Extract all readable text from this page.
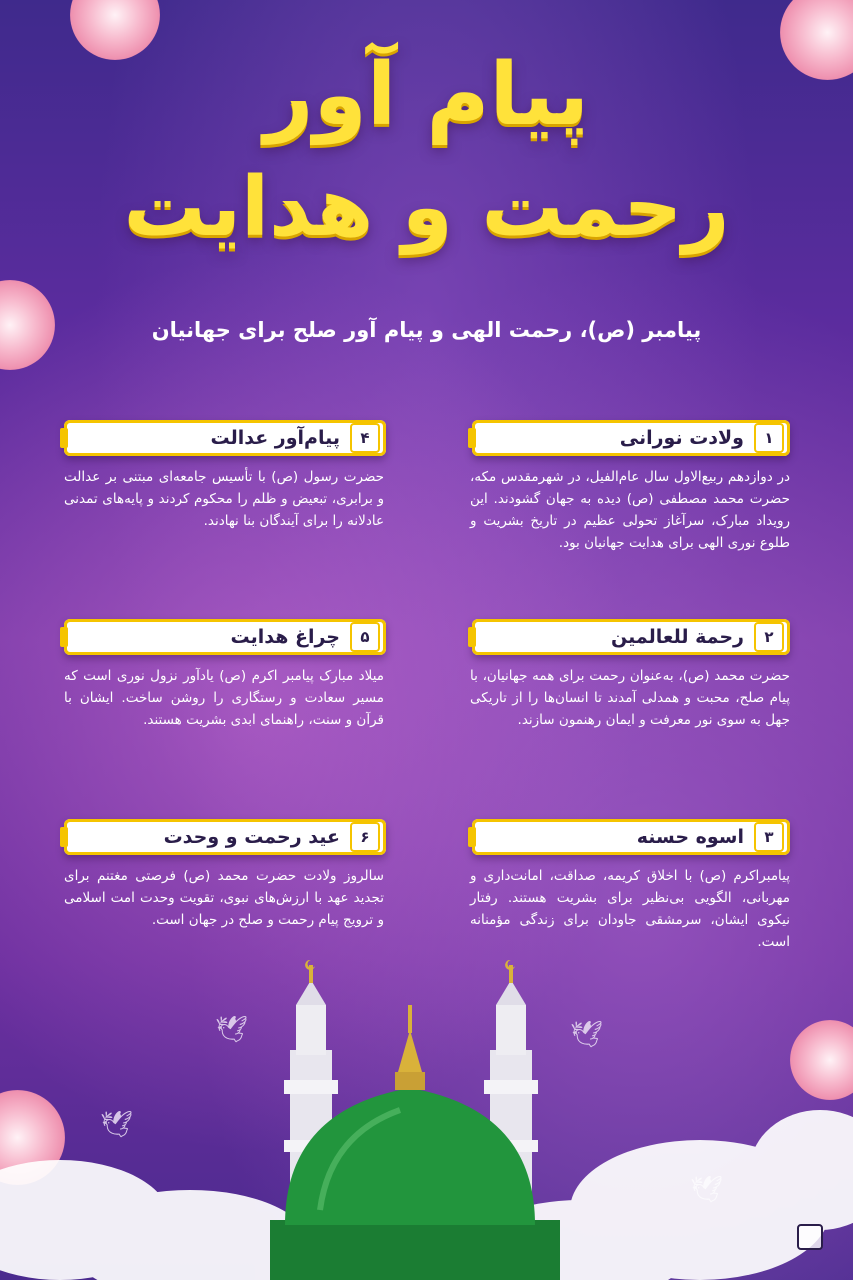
پیام آور
رحمت و هدایت
پیامبر (ص)، رحمت الهی و پیام آور صلح برای جهانیان
۱
ولادت نورانی
در دوازدهم ربیع‌الاول سال عام‌الفیل، در شهرمقدس مکه، حضرت محمد مصطفی (ص) دیده به جهان گشودند. این رویداد مبارک، سرآغاز تحولی عظیم در تاریخ بشریت و طلوع نوری الهی برای هدایت جهانیان بود.
۲
رحمة للعالمین
حضرت محمد (ص)، به‌عنوان رحمت برای همه جهانیان، با پیام صلح، محبت و همدلی آمدند تا انسان‌ها را از تاریکی جهل به سوی نور معرفت و ایمان رهنمون سازند.
۳
اسوه حسنه
پیامبراکرم (ص) با اخلاق کریمه، صداقت، امانت‌داری و مهربانی، الگویی بی‌نظیر برای بشریت هستند. رفتار نیکوی ایشان، سرمشقی جاودان برای زندگی مؤمنانه است.
۴
پیام‌آور عدالت
حضرت رسول (ص) با تأسیس جامعه‌ای مبتنی بر عدالت و برابری، تبعیض و ظلم را محکوم کردند و پایه‌های تمدنی عادلانه را برای آیندگان بنا نهادند.
۵
چراغ هدایت
میلاد مبارک پیامبر اکرم (ص) یادآور نزول نوری است که مسیر سعادت و رستگاری را روشن ساخت. ایشان با قرآن و سنت، راهنمای ابدی بشریت هستند.
۶
عید رحمت و وحدت
سالروز ولادت حضرت محمد (ص) فرصتی مغتنم برای تجدید عهد با ارزش‌های نبوی، تقویت وحدت امت اسلامی و ترویج پیام رحمت و صلح در جهان است.
🕊	🕊
🕊
